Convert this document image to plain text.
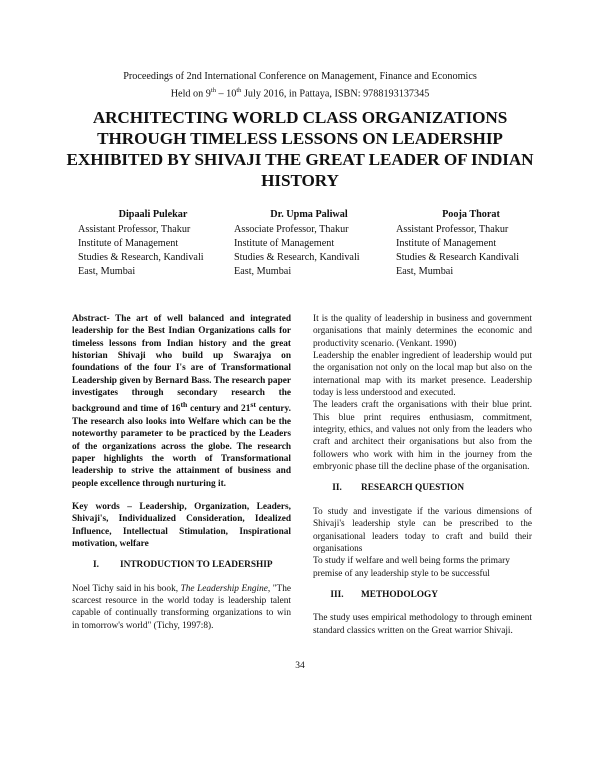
Proceedings of 2nd International Conference on Management, Finance and Economics
Held on 9th – 10th July 2016, in Pattaya, ISBN: 9788193137345
ARCHITECTING WORLD CLASS ORGANIZATIONS THROUGH TIMELESS LESSONS ON LEADERSHIP EXHIBITED BY SHIVAJI THE GREAT LEADER OF INDIAN HISTORY
Dipaali Pulekar
Assistant Professor, Thakur
Institute of Management
Studies & Research, Kandivali
East, Mumbai
Dr. Upma Paliwal
Associate Professor, Thakur
Institute of Management
Studies & Research, Kandivali
East, Mumbai
Pooja Thorat
Assistant Professor, Thakur
Institute of Management
Studies & Research Kandivali
East, Mumbai

Abstract- The art of well balanced and integrated leadership for the Best Indian Organizations calls for timeless lessons from Indian history and the great historian Shivaji who build up Swarajya on foundations of the four I's are of Transformational Leadership given by Bernard Bass. The research paper investigates through secondary research the background and time of 16th century and 21st century. The research also looks into Welfare which can be the noteworthy parameter to be practiced by the Leaders of the organizations across the globe. The research paper highlights the worth of Transformational leadership to strive the attainment of business and people excellence through nurturing it.

Key words – Leadership, Organization, Leaders, Shivaji's, Individualized Consideration, Idealized Influence, Intellectual Stimulation, Inspirational motivation, welfare

I.	INTRODUCTION TO LEADERSHIP

Noel Tichy said in his book, The Leadership Engine, "The scarcest resource in the world today is leadership talent capable of continually transforming organizations to win in tomorrow's world" (Tichy, 1997:8).

It is the quality of leadership in business and government organisations that mainly determines the economic and productivity scenario. (Venkant. 1990)

Leadership the enabler ingredient of leadership would put the organisation not only on the local map but also on the international map with its market presence. Leadership today is less understood and executed.

The leaders craft the organisations with their blue print. This blue print requires enthusiasm, commitment, integrity, ethics, and values not only from the leaders who craft and architect their organisations but also from the followers who work with him in the journey from the embryonic phase till the decline phase of the organisation.

II.	RESEARCH QUESTION

To study and investigate if the various dimensions of Shivaji's leadership style can be prescribed to the organisational leaders today to craft and build their organisations

To study if welfare and well being forms the primary premise of any leadership style to be successful

III.	METHODOLOGY

The study uses empirical methodology to through eminent standard classics written on the Great warrior Shivaji.

34
